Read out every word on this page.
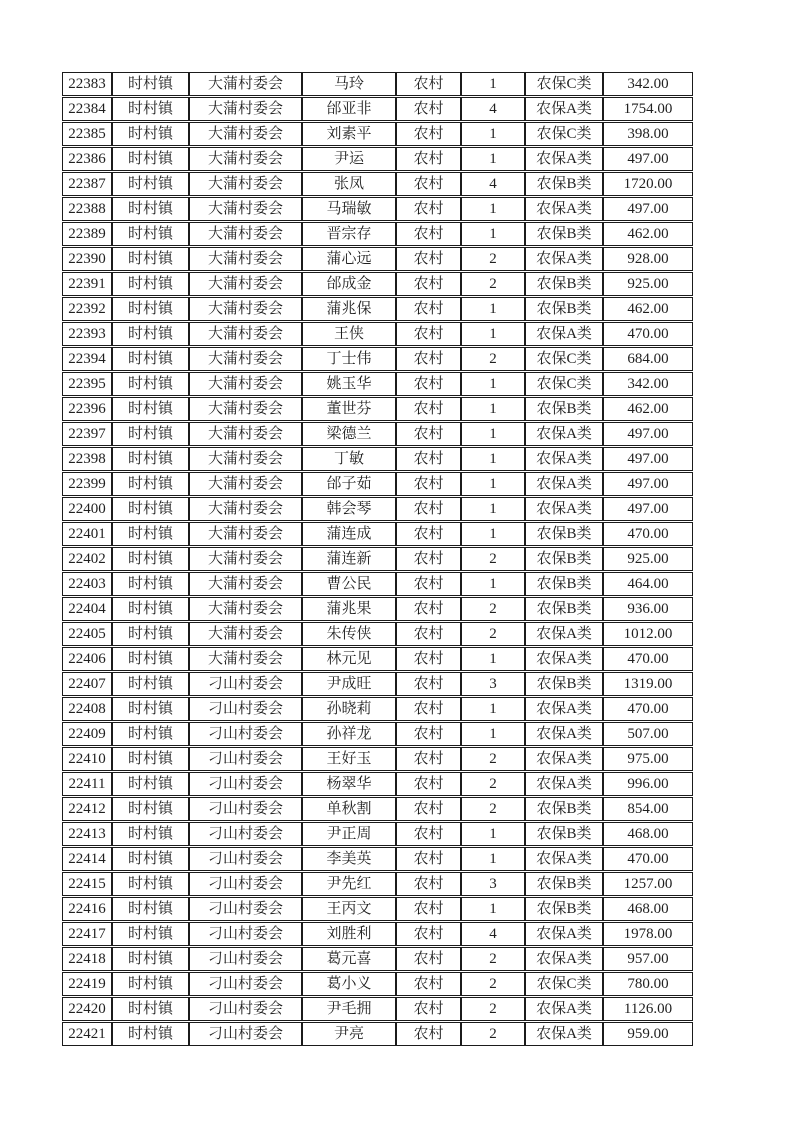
22383	时村镇	大蒲村委会	马玲	农村	1	农保C类	342.00
22384	时村镇	大蒲村委会	邰亚非	农村	4	农保A类	1754.00
22385	时村镇	大蒲村委会	刘素平	农村	1	农保C类	398.00
22386	时村镇	大蒲村委会	尹运	农村	1	农保A类	497.00
22387	时村镇	大蒲村委会	张凤	农村	4	农保B类	1720.00
22388	时村镇	大蒲村委会	马瑞敏	农村	1	农保A类	497.00
22389	时村镇	大蒲村委会	晋宗存	农村	1	农保B类	462.00
22390	时村镇	大蒲村委会	蒲心远	农村	2	农保A类	928.00
22391	时村镇	大蒲村委会	邰成金	农村	2	农保B类	925.00
22392	时村镇	大蒲村委会	蒲兆保	农村	1	农保B类	462.00
22393	时村镇	大蒲村委会	王侠	农村	1	农保A类	470.00
22394	时村镇	大蒲村委会	丁士伟	农村	2	农保C类	684.00
22395	时村镇	大蒲村委会	姚玉华	农村	1	农保C类	342.00
22396	时村镇	大蒲村委会	董世芬	农村	1	农保B类	462.00
22397	时村镇	大蒲村委会	梁德兰	农村	1	农保A类	497.00
22398	时村镇	大蒲村委会	丁敏	农村	1	农保A类	497.00
22399	时村镇	大蒲村委会	邰子茹	农村	1	农保A类	497.00
22400	时村镇	大蒲村委会	韩会琴	农村	1	农保A类	497.00
22401	时村镇	大蒲村委会	蒲连成	农村	1	农保B类	470.00
22402	时村镇	大蒲村委会	蒲连新	农村	2	农保B类	925.00
22403	时村镇	大蒲村委会	曹公民	农村	1	农保B类	464.00
22404	时村镇	大蒲村委会	蒲兆果	农村	2	农保B类	936.00
22405	时村镇	大蒲村委会	朱传侠	农村	2	农保A类	1012.00
22406	时村镇	大蒲村委会	林元见	农村	1	农保A类	470.00
22407	时村镇	刁山村委会	尹成旺	农村	3	农保B类	1319.00
22408	时村镇	刁山村委会	孙晓莉	农村	1	农保A类	470.00
22409	时村镇	刁山村委会	孙祥龙	农村	1	农保A类	507.00
22410	时村镇	刁山村委会	王好玉	农村	2	农保A类	975.00
22411	时村镇	刁山村委会	杨翠华	农村	2	农保A类	996.00
22412	时村镇	刁山村委会	单秋割	农村	2	农保B类	854.00
22413	时村镇	刁山村委会	尹正周	农村	1	农保B类	468.00
22414	时村镇	刁山村委会	李美英	农村	1	农保A类	470.00
22415	时村镇	刁山村委会	尹先红	农村	3	农保B类	1257.00
22416	时村镇	刁山村委会	王丙文	农村	1	农保B类	468.00
22417	时村镇	刁山村委会	刘胜利	农村	4	农保A类	1978.00
22418	时村镇	刁山村委会	葛元喜	农村	2	农保A类	957.00
22419	时村镇	刁山村委会	葛小义	农村	2	农保C类	780.00
22420	时村镇	刁山村委会	尹毛拥	农村	2	农保A类	1126.00
22421	时村镇	刁山村委会	尹亮	农村	2	农保A类	959.00
